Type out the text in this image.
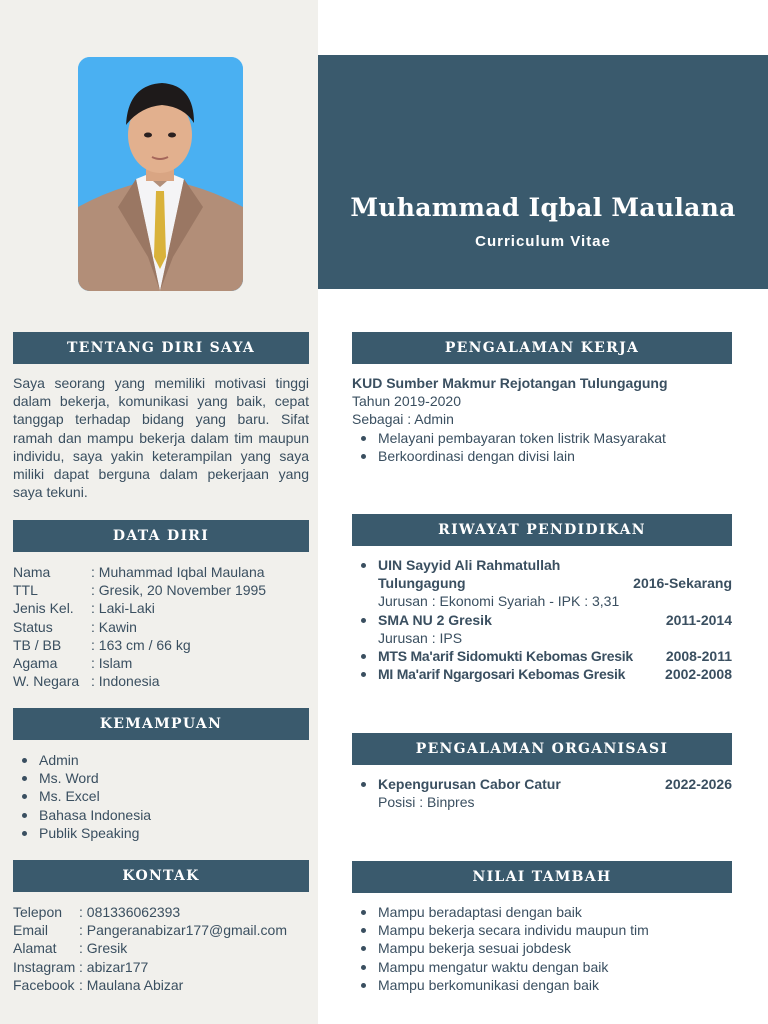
Muhammad Iqbal Maulana
Curriculum Vitae
TENTANG DIRI SAYA
Saya seorang yang memiliki motivasi tinggi dalam bekerja, komunikasi yang baik, cepat tanggap terhadap bidang yang baru. Sifat ramah dan mampu bekerja dalam tim maupun individu, saya yakin keterampilan yang saya miliki dapat berguna dalam pekerjaan yang saya tekuni.
DATA DIRI
Nama	: Muhammad Iqbal Maulana
TTL	: Gresik, 20 November 1995
Jenis Kel.	: Laki-Laki
Status	: Kawin
TB / BB	: 163 cm / 66 kg
Agama	: Islam
W. Negara : Indonesia
KEMAMPUAN
Admin
Ms. Word
Ms. Excel
Bahasa Indonesia
Publik Speaking
KONTAK
Telepon	: 081336062393
Email	: Pangeranabizar177@gmail.com
Alamat	: Gresik
Instagram : abizar177
Facebook : Maulana Abizar
PENGALAMAN KERJA
KUD Sumber Makmur Rejotangan Tulungagung
Tahun 2019-2020
Sebagai : Admin
Melayani pembayaran token listrik Masyarakat
Berkoordinasi dengan divisi lain
RIWAYAT PENDIDIKAN
UIN Sayyid Ali Rahmatullah
Tulungagung	2016-Sekarang
Jurusan : Ekonomi Syariah - IPK : 3,31
SMA NU 2 Gresik	2011-2014
Jurusan : IPS
MTS Ma'arif Sidomukti Kebomas Gresik 2008-2011
MI Ma'arif Ngargosari Kebomas Gresik	2002-2008
PENGALAMAN ORGANISASI
Kepengurusan Cabor Catur	2022-2026
Posisi : Binpres
NILAI TAMBAH
Mampu beradaptasi dengan baik
Mampu bekerja secara individu maupun tim
Mampu bekerja sesuai jobdesk
Mampu mengatur waktu dengan baik
Mampu berkomunikasi dengan baik
